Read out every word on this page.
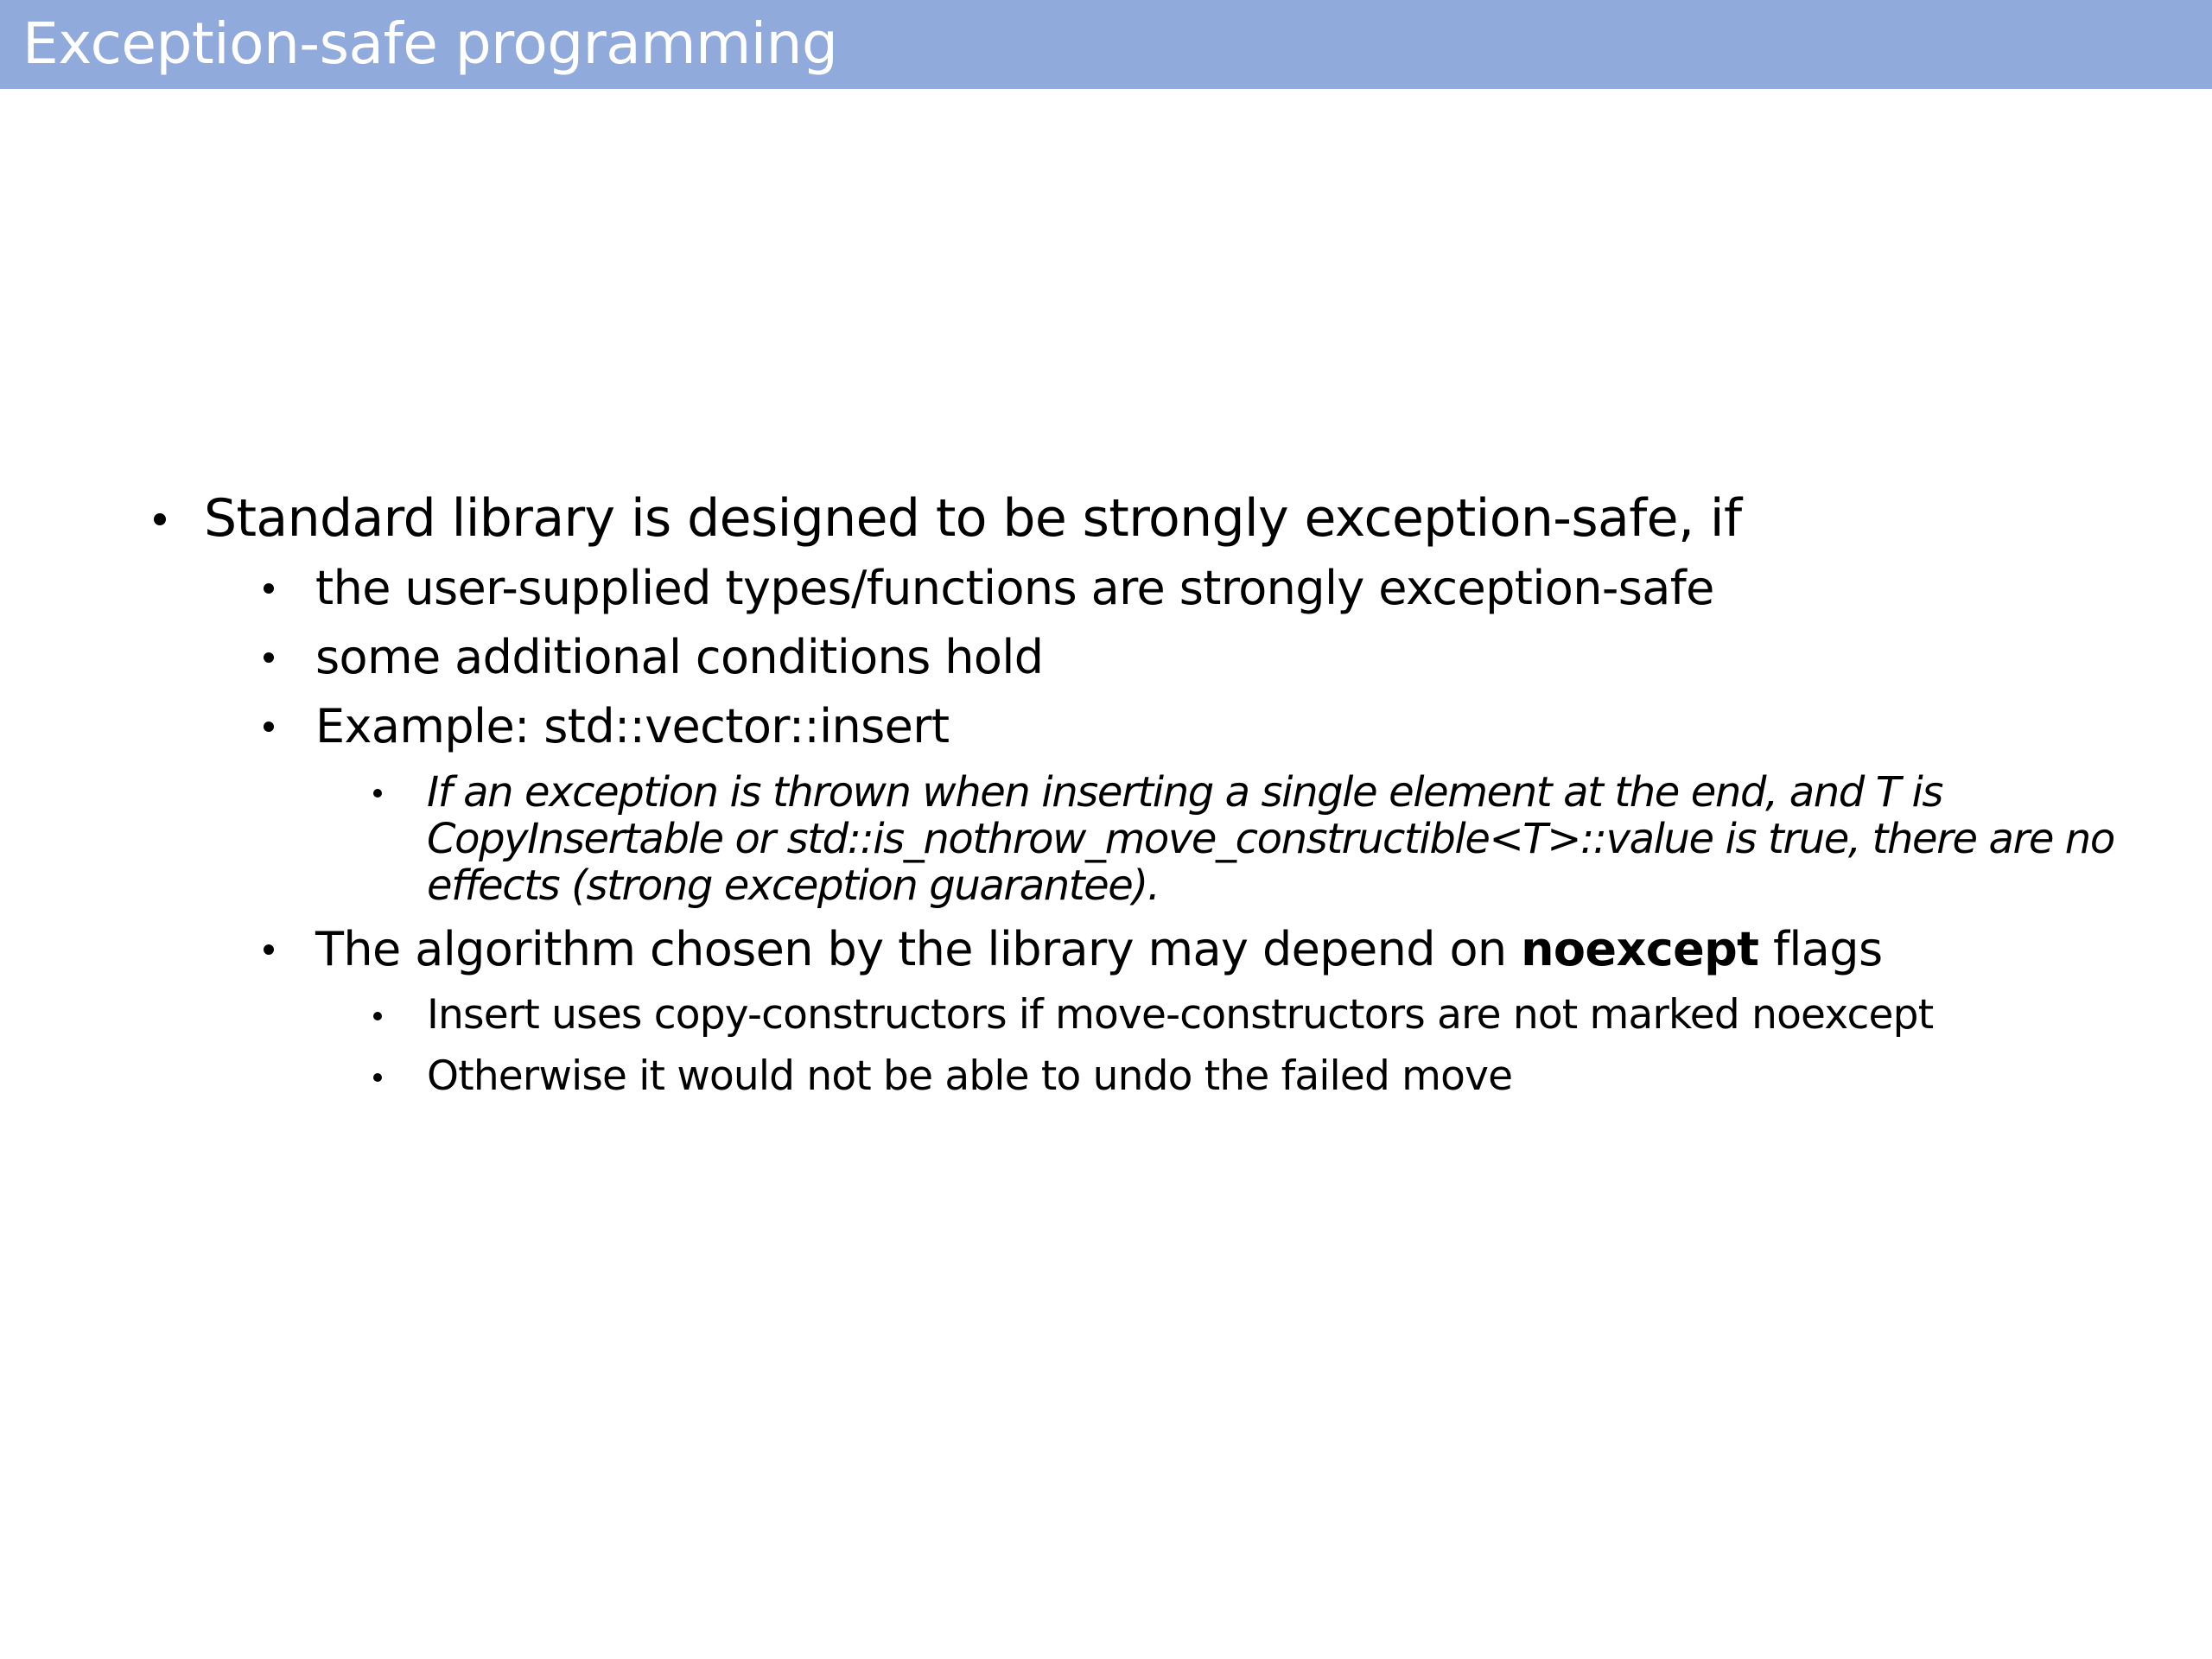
Exception-safe programming
Standard library is designed to be strongly exception-safe, if
the user-supplied types/functions are strongly exception-safe
some additional conditions hold
Example: std::vector::insert
If an exception is thrown when inserting a single element at the end, and T is
CopyInsertable or std::is_nothrow_move_constructible<T>::value is true, there are no
effects (strong exception guarantee).
The algorithm chosen by the library may depend on noexcept flags
Insert uses copy-constructors if move-constructors are not marked noexcept
Otherwise it would not be able to undo the failed move
